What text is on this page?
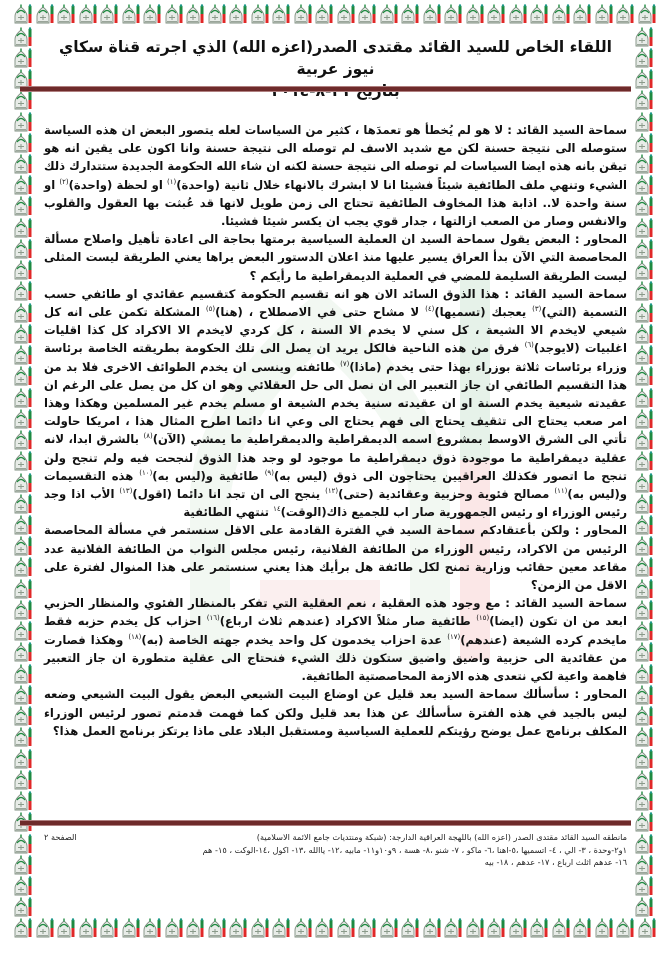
اللقاء الخاص للسيد القائد مقتدى الصدر(اعزه الله) الذي اجرته قناة سكاي نيوز عربية

سماحة السيد القائد : لا هو لم يُخطأ هو تعمدَها ، كثير من السياسات لعله يتصور البعض ان هذه السياسة ستوصله الى نتيجة حسنة لكن مع شديد الاسف لم توصله الى نتيجة حسنة وانا اكون على يقين انه هو تيقن بانه هذه ايضا السياسات لم توصله الى نتيجة حسنة لكنه ان شاء الله الحكومة الجديدة ستتدارك ذلك الشيء وتنهي ملف الطائفية شيئاً فشيئا انا لا ابشرك بالانهاء خلال ثانية (واحدة)$^{(١)}$ او لحظة (واحدة)$^{(٢)}$ او سنة واحدة لا.. اذابة هذا المخاوف الطائفية تحتاج الى زمن طويل لانها قد عُبثت بها العقول والقلوب والانفس وصار من الصعب ازالتها ، جدار قوي يجب ان يكسر شيئا فشيئا.

المحاور : البعض يقول سماحة السيد ان العملية السياسية برمتها بحاجة الى اعادة تأهيل واصلاح مسألة المحاصصة التي الآن بدأ العراق يسير عليها منذ اعلان الدستور البعض يراها يعني الطريقة ليست المثلى ليست الطريقة السليمة للمضي في العملية الديمقراطية ما رأيكم ؟

سماحة السيد القائد : هذا الذوق السائد الان هو انه تقسيم الحكومة كتقسيم عقائدي او طائفي حسب التسمية (التي)$^{(٣)}$ يعجبك (تسميها)$^{(٤)}$ لا مشاح حتى في الاصطلاح ، (هنا)$^{(٥)}$ المشكلة تكمن على انه كل شيعي لايخدم الا الشيعة ، كل سني لا يخدم الا السنة ، كل كردي لايخدم الا الاكراد كل كذا اقليات اغلبيات (لايوجد)$^{(٦)}$ فرق من هذه الناحية فالكل يريد ان يصل الى تلك الحكومة بطريقته الخاصة برئاسة وزراء برئاسات ثلاثة بوزراء بهذا حتى يخدم (ماذا)$^{(٧)}$ طائفته وينسى ان يخدم الطوائف الاخرى فلا بد من هذا التقسيم الطائفي ان جاز التعبير الى ان نصل الى حل العقلائي وهو ان كل من يصل على الرغم ان عقيدته شيعية يخدم السنة او ان عقيدته سنية يخدم الشيعة او مسلم يخدم غير المسلمين وهكذا وهذا امر صعب يحتاج الى تثقيف يحتاج الى فهم يحتاج الى وعي انا دائما اطرح المثال هذا ، امريكا حاولت تأتي الى الشرق الاوسط بمشروع اسمه الديمقراطية والديمقراطية ما يمشي (الآن)$^{(٨)}$ بالشرق ابدا، لانه عقلية ديمقراطية ما موجودة ذوق ديمقراطية ما موجود لو وجد هذا الذوق لنجحت فيه ولم تنجح ولن تنجح ما اتصور فكذلك العراقيين يحتاجون الى ذوق (ليس به)$^{(٩)}$ طائفية و(ليس به)$^{(١٠)}$ هذه التقسيمات و(ليس به)$^{(١١)}$ مصالح فئوية وحزبية وعقائدية (حتى)$^{(١٢)}$ ينجح الى ان تجد انا دائما (اقول)$^{(١٣)}$ الأب اذا وجد رئيس الوزراء او رئيس الجمهورية صار اب للجميع ذاك(الوقت)$^{١٤}$ تنتهي الطائفية

المحاور : ولكن بأعتقادكم سماحة السيد في الفترة القادمة على الاقل سنستمر في مسألة المحاصصة الرئيس من الاكراد، رئيس الوزراء من الطائفة الفلانية، رئيس مجلس النواب من الطائفة الفلانية عدد مقاعد معين حقائب وزارية تمنح لكل طائفة هل برأيك هذا يعني سنستمر على هذا المنوال لفترة على الاقل من الزمن؟

سماحة السيد القائد : مع وجود هذه العقلية ، نعم العقلية التي تفكر بالمنظار الفئوي والمنظار الحزبي ابعد من ان تكون (ايضا)$^{(١٥)}$ طائفية صار مثلاً الاكراد (عندهم ثلاث ارباع)$^{(١٦)}$ احزاب كل يخدم حزبه فقط مايخدم كرده الشيعة (عندهم)$^{(١٧)}$ عدة احزاب يخدمون كل واحد يخدم جهته الخاصة (به)$^{(١٨)}$ وهكذا فصارت من عقائدية الى حزبية واضيق واضيق ستكون ذلك الشيء فنحتاج الى عقلية متطورة ان جاز التعبير فاهمة واعية لكي نتعدى هذه الازمة المحاصصتية الطائفية.

المحاور : سأسألك سماحة السيد بعد قليل عن اوضاع البيت الشيعي البعض يقول البيت الشيعي وضعه ليس بالجيد في هذه الفترة سأسألك عن هذا بعد قليل ولكن كما فهمت قدمتم تصور لرئيس الوزراء المكلف برنامج عمل يوضح رؤيتكم للعملية السياسية ومستقبل البلاد على ماذا يرتكز برنامج العمل هذا؟

مانطقه السيد القائد مقتدى الصدر (اعزه الله) باللهجة العراقية الدارجة: (شبكة ومنتديات جامع الائمة الاسلامية)
الصفحة ٢
١و٢-وحدة ، ٣- الي ، ٤- اتسميها ،٥-اهنا ،٦- ماكو ، ٧- شنو ،٨- هسة ، ٩و١٠و١١- مابيه ،١٢- ياالله ،١٣- اكول ،١٤-الوكت ، ١٥- هم
١٦- عدهم اثلث ارباع ، ١٧- عدهم ، ١٨- بيه
